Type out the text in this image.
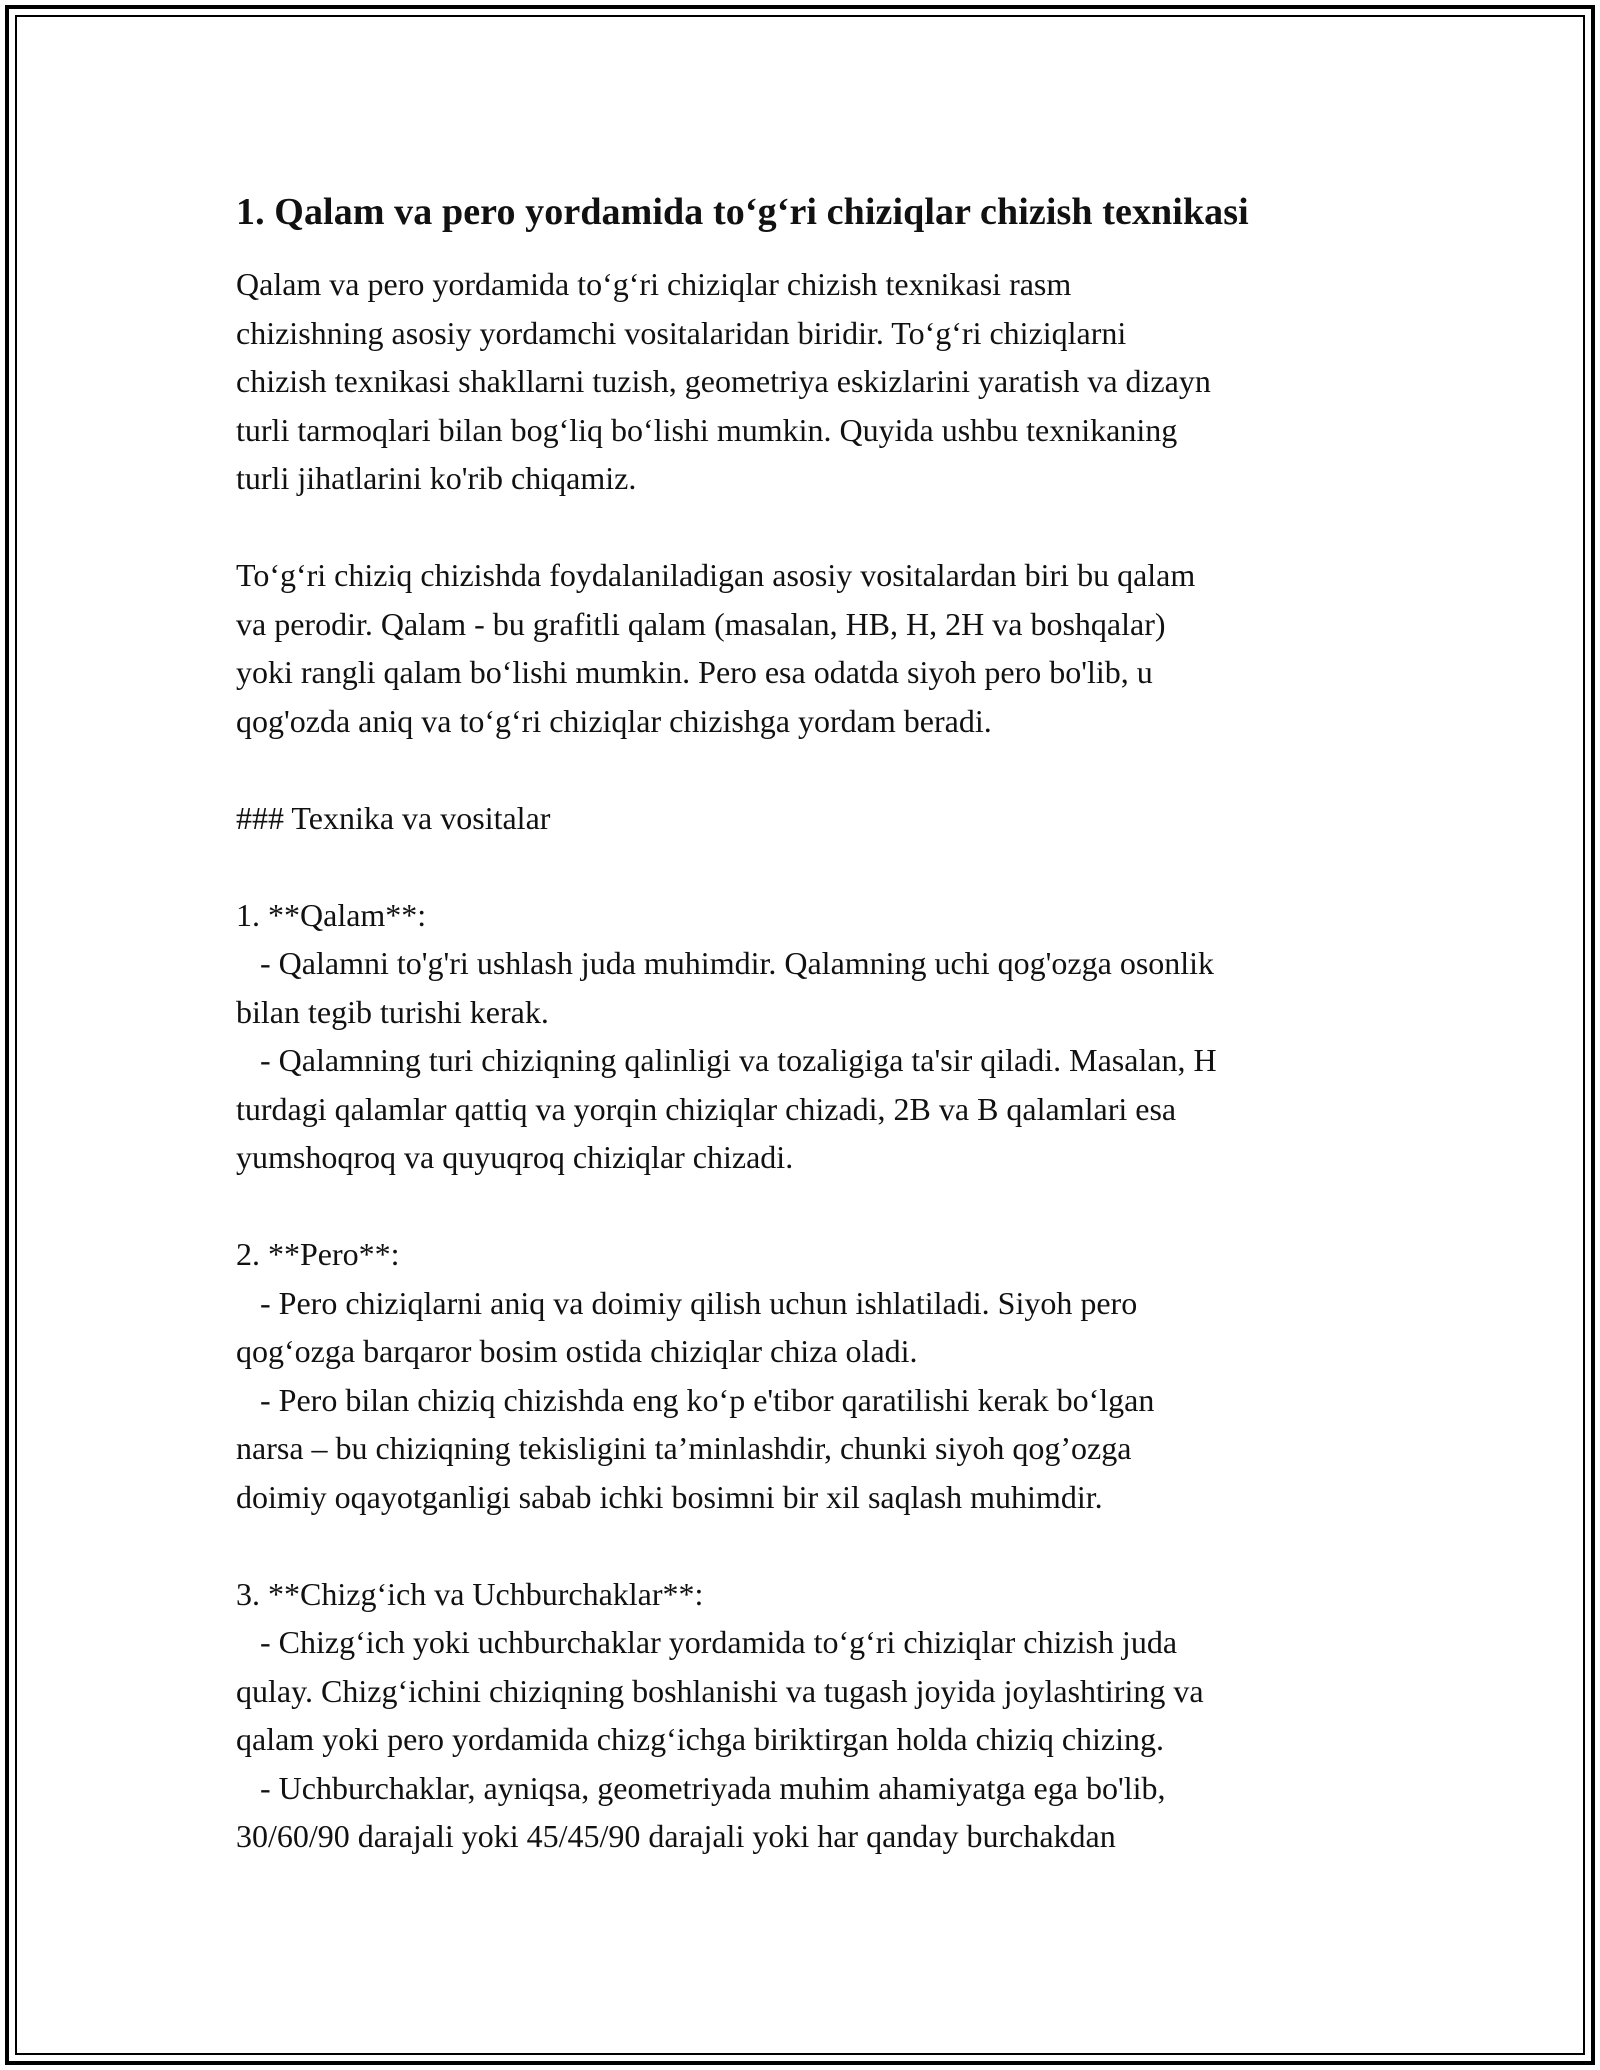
1. Qalam va pero yordamida to‘g‘ri chiziqlar chizish texnikasi
Qalam va pero yordamida to‘g‘ri chiziqlar chizish texnikasi rasm
chizishning asosiy yordamchi vositalaridan biridir. To‘g‘ri chiziqlarni
chizish texnikasi shakllarni tuzish, geometriya eskizlarini yaratish va dizayn
turli tarmoqlari bilan bog‘liq bo‘lishi mumkin. Quyida ushbu texnikaning
turli jihatlarini ko'rib chiqamiz.
To‘g‘ri chiziq chizishda foydalaniladigan asosiy vositalardan biri bu qalam
va perodir. Qalam - bu grafitli qalam (masalan, HB, H, 2H va boshqalar)
yoki rangli qalam bo‘lishi mumkin. Pero esa odatda siyoh pero bo'lib, u
qog'ozda aniq va to‘g‘ri chiziqlar chizishga yordam beradi.
### Texnika va vositalar
1. **Qalam**:
- Qalamni to'g'ri ushlash juda muhimdir. Qalamning uchi qog'ozga osonlik
bilan tegib turishi kerak.
- Qalamning turi chiziqning qalinligi va tozaligiga ta'sir qiladi. Masalan, H
turdagi qalamlar qattiq va yorqin chiziqlar chizadi, 2B va B qalamlari esa
yumshoqroq va quyuqroq chiziqlar chizadi.
2. **Pero**:
- Pero chiziqlarni aniq va doimiy qilish uchun ishlatiladi. Siyoh pero
qog‘ozga barqaror bosim ostida chiziqlar chiza oladi.
- Pero bilan chiziq chizishda eng ko‘p e'tibor qaratilishi kerak bo‘lgan
narsa – bu chiziqning tekisligini ta’minlashdir, chunki siyoh qog’ozga
doimiy oqayotganligi sabab ichki bosimni bir xil saqlash muhimdir.
3. **Chizg‘ich va Uchburchaklar**:
- Chizg‘ich yoki uchburchaklar yordamida to‘g‘ri chiziqlar chizish juda
qulay. Chizg‘ichini chiziqning boshlanishi va tugash joyida joylashtiring va
qalam yoki pero yordamida chizg‘ichga biriktirgan holda chiziq chizing.
- Uchburchaklar, ayniqsa, geometriyada muhim ahamiyatga ega bo'lib,
30/60/90 darajali yoki 45/45/90 darajali yoki har qanday burchakdan
